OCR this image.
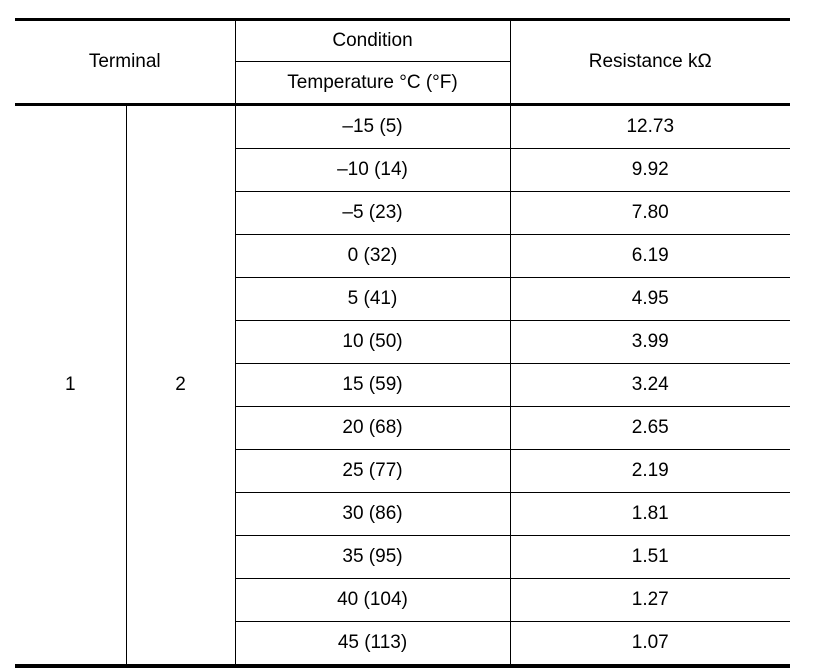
Terminal		Condition	Resistance kΩ
		Temperature °C (°F)	
1	2	–15 (5)	12.73
		–10 (14)	9.92
		–5 (23)	7.80
		0 (32)	6.19
		5 (41)	4.95
		10 (50)	3.99
		15 (59)	3.24
		20 (68)	2.65
		25 (77)	2.19
		30 (86)	1.81
		35 (95)	1.51
		40 (104)	1.27
		45 (113)	1.07
